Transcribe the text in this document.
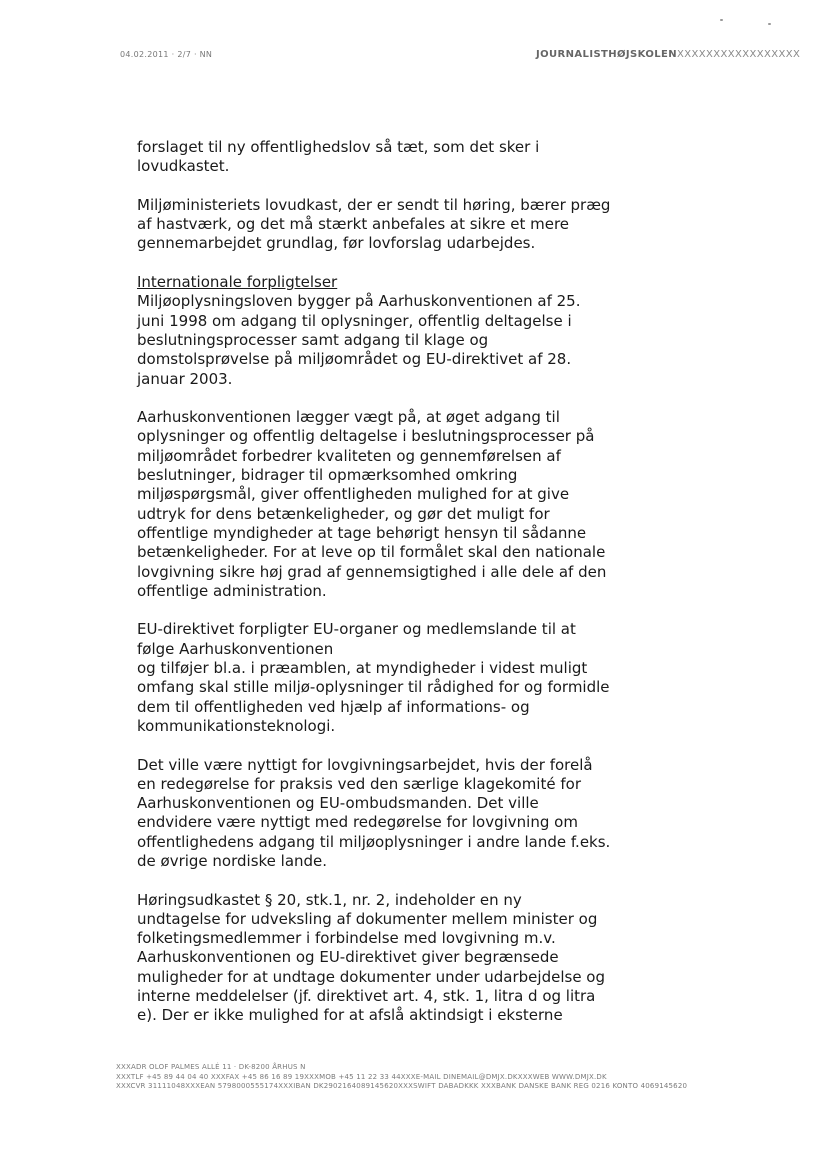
04.02.2011 · 2/7 · NN	JOURNALISTHØJSKOLENXXXXXXXXXXXXXXXXX

forslaget til ny offentlighedslov så tæt, som det sker i
lovudkastet.

Miljøministeriets lovudkast, der er sendt til høring, bærer præg
af hastværk, og det må stærkt anbefales at sikre et mere
gennemarbejdet grundlag, før lovforslag udarbejdes.

Internationale forpligtelser
Miljøoplysningsloven bygger på Aarhuskonventionen af 25.
juni 1998 om adgang til oplysninger, offentlig deltagelse i
beslutningsprocesser samt adgang til klage og
domstolsprøvelse på miljøområdet og EU-direktivet af 28.
januar 2003.

Aarhuskonventionen lægger vægt på, at øget adgang til
oplysninger og offentlig deltagelse i beslutningsprocesser på
miljøområdet forbedrer kvaliteten og gennemførelsen af
beslutninger, bidrager til opmærksomhed omkring
miljøspørgsmål, giver offentligheden mulighed for at give
udtryk for dens betænkeligheder, og gør det muligt for
offentlige myndigheder at tage behørigt hensyn til sådanne
betænkeligheder. For at leve op til formålet skal den nationale
lovgivning sikre høj grad af gennemsigtighed i alle dele af den
offentlige administration.

EU-direktivet forpligter EU-organer og medlemslande til at
følge Aarhuskonventionen
og tilføjer bl.a. i præamblen, at myndigheder i videst muligt
omfang skal stille miljø-oplysninger til rådighed for og formidle
dem til offentligheden ved hjælp af informations- og
kommunikationsteknologi.

Det ville være nyttigt for lovgivningsarbejdet, hvis der forelå
en redegørelse for praksis ved den særlige klagekomité for
Aarhuskonventionen og EU-ombudsmanden. Det ville
endvidere være nyttigt med redegørelse for lovgivning om
offentlighedens adgang til miljøoplysninger i andre lande f.eks.
de øvrige nordiske lande.

Høringsudkastet § 20, stk.1, nr. 2, indeholder en ny
undtagelse for udveksling af dokumenter mellem minister og
folketingsmedlemmer i forbindelse med lovgivning m.v.
Aarhuskonventionen og EU-direktivet giver begrænsede
muligheder for at undtage dokumenter under udarbejdelse og
interne meddelelser (jf. direktivet art. 4, stk. 1, litra d og litra
e). Der er ikke mulighed for at afslå aktindsigt i eksterne

XXXADR OLOF PALMES ALLÉ 11 · DK-8200 ÅRHUS N
XXXTLF +45 89 44 04 40 XXXFAX +45 86 16 89 19XXXMOB +45 11 22 33 44XXXE-MAIL DINEMAIL@DMJX.DKXXXWEB WWW.DMJX.DK
XXXCVR 31111048XXXEAN 5798000555174XXXIBAN DK2902164089145620XXXSWIFT DABADKKK XXXBANK DANSKE BANK REG 0216 KONTO 4069145620
